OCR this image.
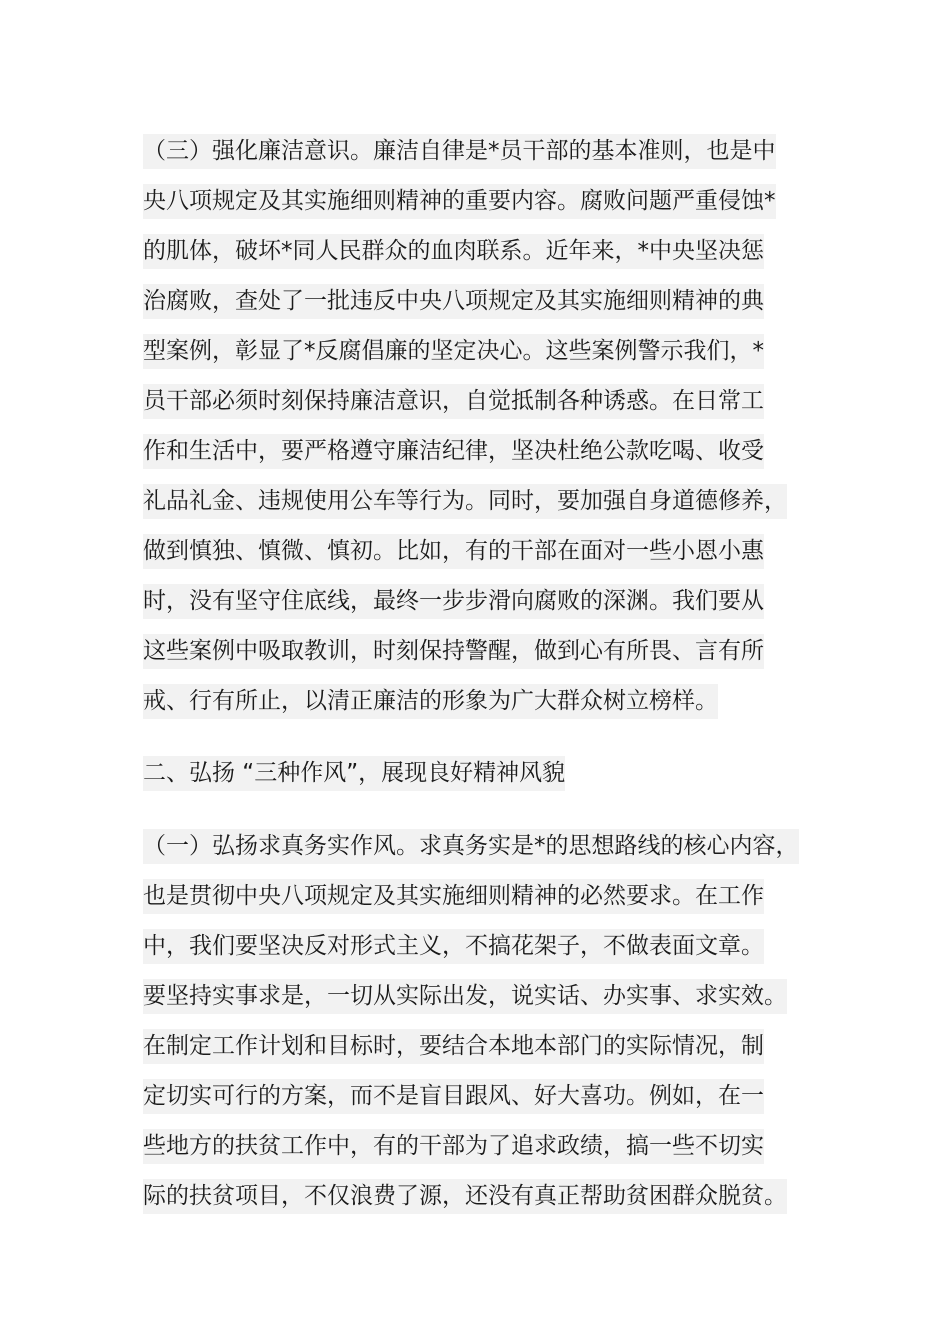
（三）强化廉洁意识。廉洁自律是*员干部的基本准则，也是中
央八项规定及其实施细则精神的重要内容。腐败问题严重侵蚀*
的肌体，破坏*同人民群众的血肉联系。近年来，*中央坚决惩
治腐败，查处了一批违反中央八项规定及其实施细则精神的典
型案例，彰显了*反腐倡廉的坚定决心。这些案例警示我们，*
员干部必须时刻保持廉洁意识，自觉抵制各种诱惑。在日常工
作和生活中，要严格遵守廉洁纪律，坚决杜绝公款吃喝、收受
礼品礼金、违规使用公车等行为。同时，要加强自身道德修养，
做到慎独、慎微、慎初。比如，有的干部在面对一些小恩小惠
时，没有坚守住底线，最终一步步滑向腐败的深渊。我们要从
这些案例中吸取教训，时刻保持警醒，做到心有所畏、言有所
戒、行有所止，以清正廉洁的形象为广大群众树立榜样。
二、弘扬 “三种作风”，展现良好精神风貌
（一）弘扬求真务实作风。求真务实是*的思想路线的核心内容，
也是贯彻中央八项规定及其实施细则精神的必然要求。在工作
中，我们要坚决反对形式主义，不搞花架子，不做表面文章。
要坚持实事求是，一切从实际出发，说实话、办实事、求实效。
在制定工作计划和目标时，要结合本地本部门的实际情况，制
定切实可行的方案，而不是盲目跟风、好大喜功。例如，在一
些地方的扶贫工作中，有的干部为了追求政绩，搞一些不切实
际的扶贫项目，不仅浪费了源，还没有真正帮助贫困群众脱贫。
